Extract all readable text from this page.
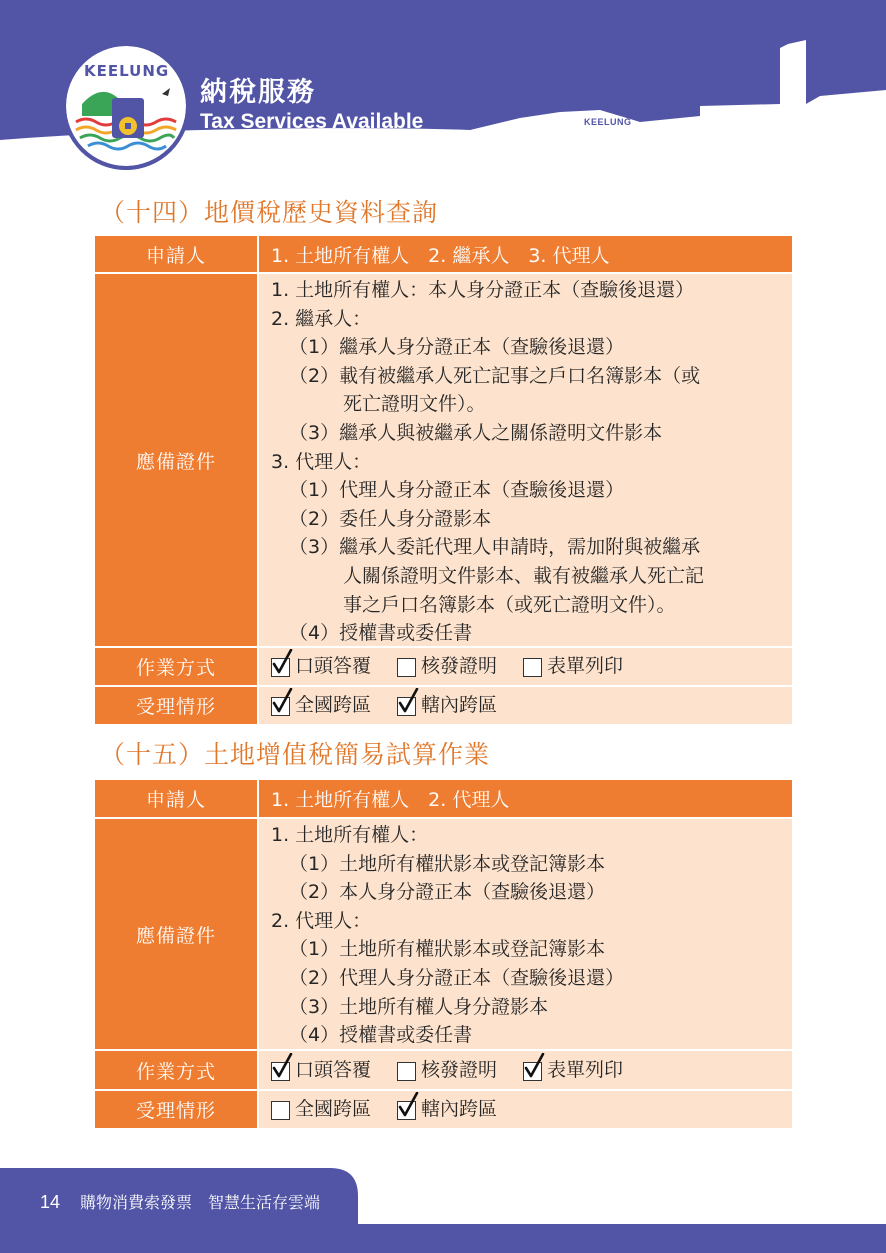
KEELUNG
KEELUNG
納稅服務
Tax Services Available
（十四）地價稅歷史資料查詢
申請人	1. 土地所有權人　2. 繼承人　3. 代理人
應備證件
1. 土地所有權人：本人身分證正本（查驗後退還）
2. 繼承人：
（1）繼承人身分證正本（查驗後退還）
（2）載有被繼承人死亡記事之戶口名簿影本（或
死亡證明文件）。
（3）繼承人與被繼承人之關係證明文件影本
3. 代理人：
（1）代理人身分證正本（查驗後退還）
（2）委任人身分證影本
（3）繼承人委託代理人申請時，需加附與被繼承
人關係證明文件影本、載有被繼承人死亡記
事之戶口名簿影本（或死亡證明文件）。
（4）授權書或委任書
作業方式	口頭答覆	核發證明	表單列印
受理情形	全國跨區	轄內跨區
（十五）土地增值稅簡易試算作業
申請人	1. 土地所有權人　2. 代理人
應備證件
1. 土地所有權人：
（1）土地所有權狀影本或登記簿影本
（2）本人身分證正本（查驗後退還）
2. 代理人：
（1）土地所有權狀影本或登記簿影本
（2）代理人身分證正本（查驗後退還）
（3）土地所有權人身分證影本
（4）授權書或委任書
作業方式	口頭答覆	核發證明	表單列印
受理情形	全國跨區	轄內跨區
14 購物消費索發票　智慧生活存雲端
